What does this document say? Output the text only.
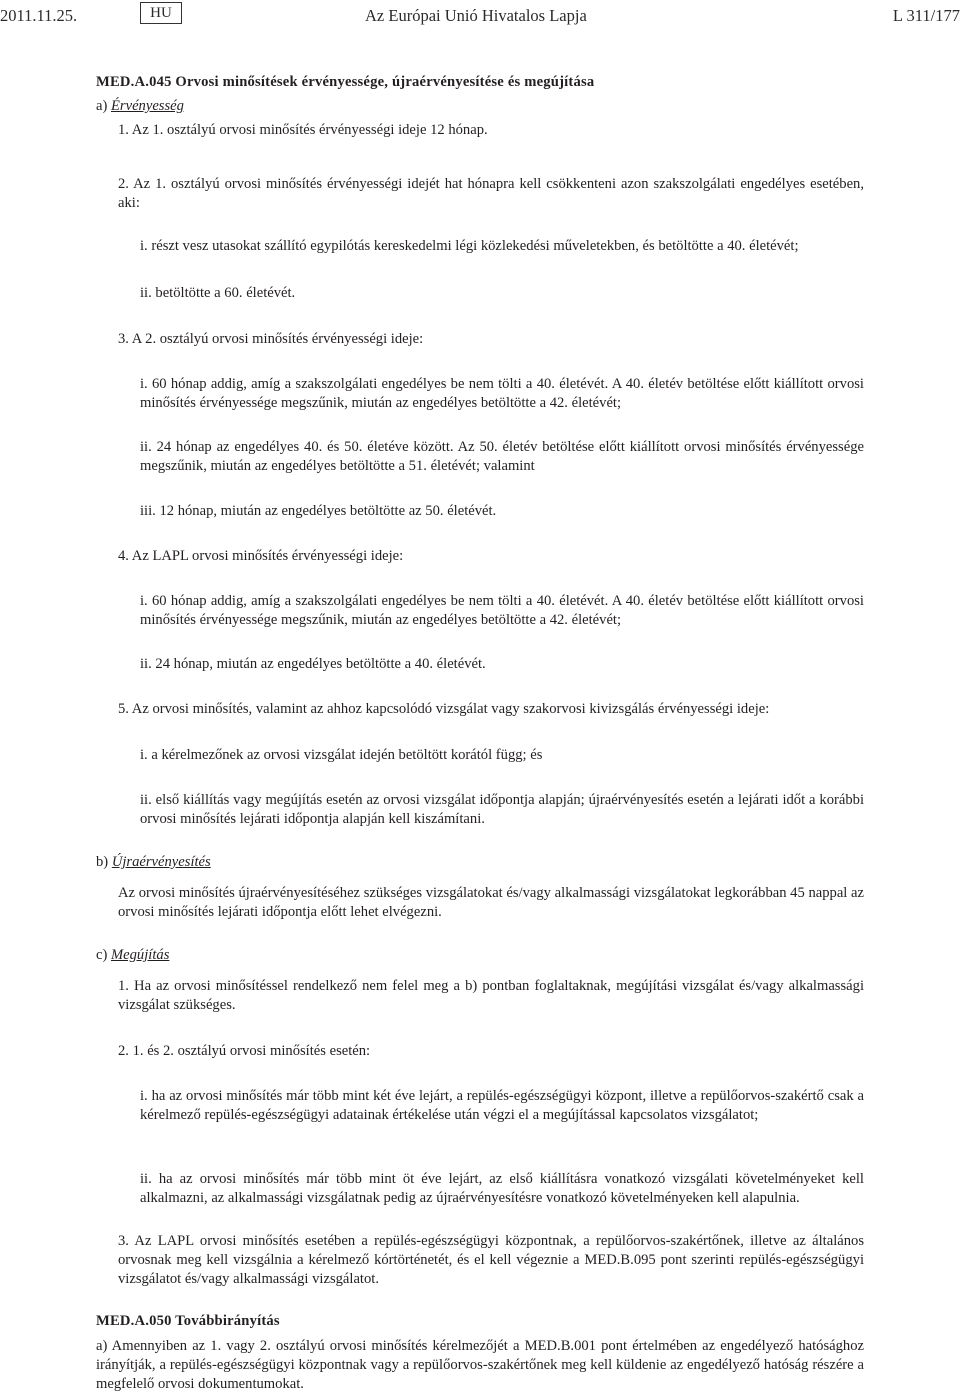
2011.11.25.	HU	Az Európai Unió Hivatalos Lapja	L 311/177
MED.A.045 Orvosi minősítések érvényessége, újraérvényesítése és megújítása
a) Érvényesség
1. Az 1. osztályú orvosi minősítés érvényességi ideje 12 hónap.
2. Az 1. osztályú orvosi minősítés érvényességi idejét hat hónapra kell csökkenteni azon szakszolgálati engedélyes esetében, aki:
i. részt vesz utasokat szállító egypilótás kereskedelmi légi közlekedési műveletekben, és betöltötte a 40. életévét;
ii. betöltötte a 60. életévét.
3. A 2. osztályú orvosi minősítés érvényességi ideje:
i. 60 hónap addig, amíg a szakszolgálati engedélyes be nem tölti a 40. életévét. A 40. életév betöltése előtt kiállított orvosi minősítés érvényessége megszűnik, miután az engedélyes betöltötte a 42. életévét;
ii. 24 hónap az engedélyes 40. és 50. életéve között. Az 50. életév betöltése előtt kiállított orvosi minősítés érvényessége megszűnik, miután az engedélyes betöltötte a 51. életévét; valamint
iii. 12 hónap, miután az engedélyes betöltötte az 50. életévét.
4. Az LAPL orvosi minősítés érvényességi ideje:
i. 60 hónap addig, amíg a szakszolgálati engedélyes be nem tölti a 40. életévét. A 40. életév betöltése előtt kiállított orvosi minősítés érvényessége megszűnik, miután az engedélyes betöltötte a 42. életévét;
ii. 24 hónap, miután az engedélyes betöltötte a 40. életévét.
5. Az orvosi minősítés, valamint az ahhoz kapcsolódó vizsgálat vagy szakorvosi kivizsgálás érvényességi ideje:
i. a kérelmezőnek az orvosi vizsgálat idején betöltött korától függ; és
ii. első kiállítás vagy megújítás esetén az orvosi vizsgálat időpontja alapján; újraérvényesítés esetén a lejárati időt a korábbi orvosi minősítés lejárati időpontja alapján kell kiszámítani.
b) Újraérvényesítés
Az orvosi minősítés újraérvényesítéséhez szükséges vizsgálatokat és/vagy alkalmassági vizsgálatokat legkorábban 45 nappal az orvosi minősítés lejárati időpontja előtt lehet elvégezni.
c) Megújítás
1. Ha az orvosi minősítéssel rendelkező nem felel meg a b) pontban foglaltaknak, megújítási vizsgálat és/vagy alkalmassági vizsgálat szükséges.
2. 1. és 2. osztályú orvosi minősítés esetén:
i. ha az orvosi minősítés már több mint két éve lejárt, a repülés-egészségügyi központ, illetve a repülőorvos-szakértő csak a kérelmező repülés-egészségügyi adatainak értékelése után végzi el a megújítással kapcsolatos vizsgálatot;
ii. ha az orvosi minősítés már több mint öt éve lejárt, az első kiállításra vonatkozó vizsgálati követelményeket kell alkalmazni, az alkalmassági vizsgálatnak pedig az újraérvényesítésre vonatkozó követelményeken kell alapulnia.
3. Az LAPL orvosi minősítés esetében a repülés-egészségügyi központnak, a repülőorvos-szakértőnek, illetve az általános orvosnak meg kell vizsgálnia a kérelmező kórtörténetét, és el kell végeznie a MED.B.095 pont szerinti repülés-egészségügyi vizsgálatot és/vagy alkalmassági vizsgálatot.
MED.A.050 Továbbirányítás
a) Amennyiben az 1. vagy 2. osztályú orvosi minősítés kérelmezőjét a MED.B.001 pont értelmében az engedélyező hatósághoz irányítják, a repülés-egészségügyi központnak vagy a repülőorvos-szakértőnek meg kell küldenie az engedélyező hatóság részére a megfelelő orvosi dokumentumokat.
